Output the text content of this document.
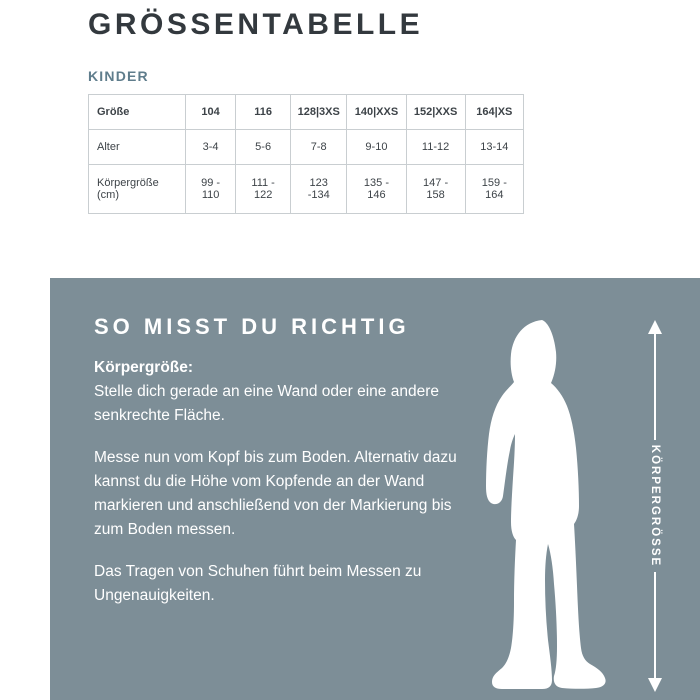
GRÖSSENTABELLE
KINDER
Größe	104	116	128|3XS	140|XXS	152|XXS	164|XS
Alter	3-4	5-6	7-8	9-10	11-12	13-14
Körpergröße (cm)	99 - 110	111 - 122	123 -134	135 - 146	147 - 158	159 - 164
SO MISST DU RICHTIG

Körpergröße:
Stelle dich gerade an eine Wand oder eine andere senkrechte Fläche.

Messe nun vom Kopf bis zum Boden. Alternativ dazu kannst du die Höhe vom Kopfende an der Wand markieren und anschließend von der Markierung bis zum Boden messen.

Das Tragen von Schuhen führt beim Messen zu Ungenauigkeiten.

KÖRPERGRÖSSE
